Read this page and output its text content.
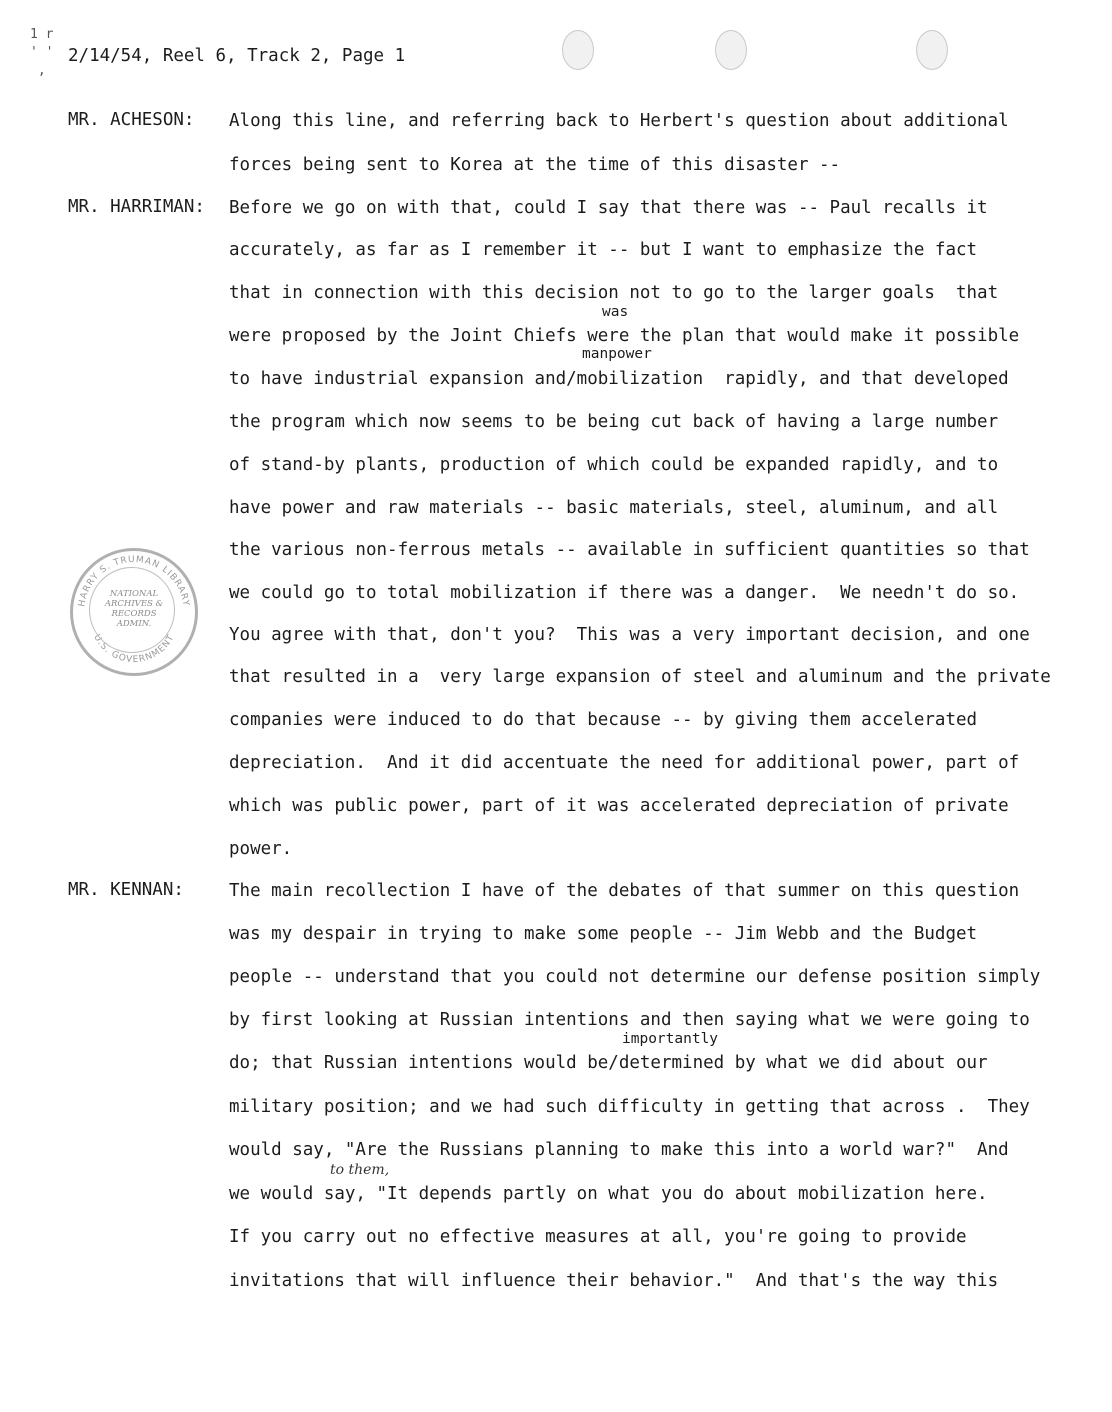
1 r
' '
,
2/14/54, Reel 6, Track 2, Page 1
MR. ACHESON:
MR. HARRIMAN:
MR. KENNAN:
Along this line, and referring back to Herbert's question about additional
forces being sent to Korea at the time of this disaster --
Before we go on with that, could I say that there was -- Paul recalls it
accurately, as far as I remember it -- but I want to emphasize the fact
that in connection with this decision not to go to the larger goals  that
were proposed by the Joint Chiefs were the plan that would make it possible
to have industrial expansion and/mobilization  rapidly, and that developed
the program which now seems to be being cut back of having a large number
of stand-by plants, production of which could be expanded rapidly, and to
have power and raw materials -- basic materials, steel, aluminum, and all
the various non-ferrous metals -- available in sufficient quantities so that
we could go to total mobilization if there was a danger.  We needn't do so.
You agree with that, don't you?  This was a very important decision, and one
that resulted in a  very large expansion of steel and aluminum and the private
companies were induced to do that because -- by giving them accelerated
depreciation.  And it did accentuate the need for additional power, part of
which was public power, part of it was accelerated depreciation of private
power.
The main recollection I have of the debates of that summer on this question
was my despair in trying to make some people -- Jim Webb and the Budget
people -- understand that you could not determine our defense position simply
by first looking at Russian intentions and then saying what we were going to
do; that Russian intentions would be/determined by what we did about our
military position; and we had such difficulty in getting that across .  They
would say, "Are the Russians planning to make this into a world war?"  And
we would say, "It depends partly on what you do about mobilization here.
If you carry out no effective measures at all, you're going to provide
invitations that will influence their behavior."  And that's the way this
was
manpower
importantly
to them,
HARRY S. TRUMAN LIBRARY
U.S. GOVERNMENT
NATIONAL ARCHIVES & RECORDS ADMIN.
